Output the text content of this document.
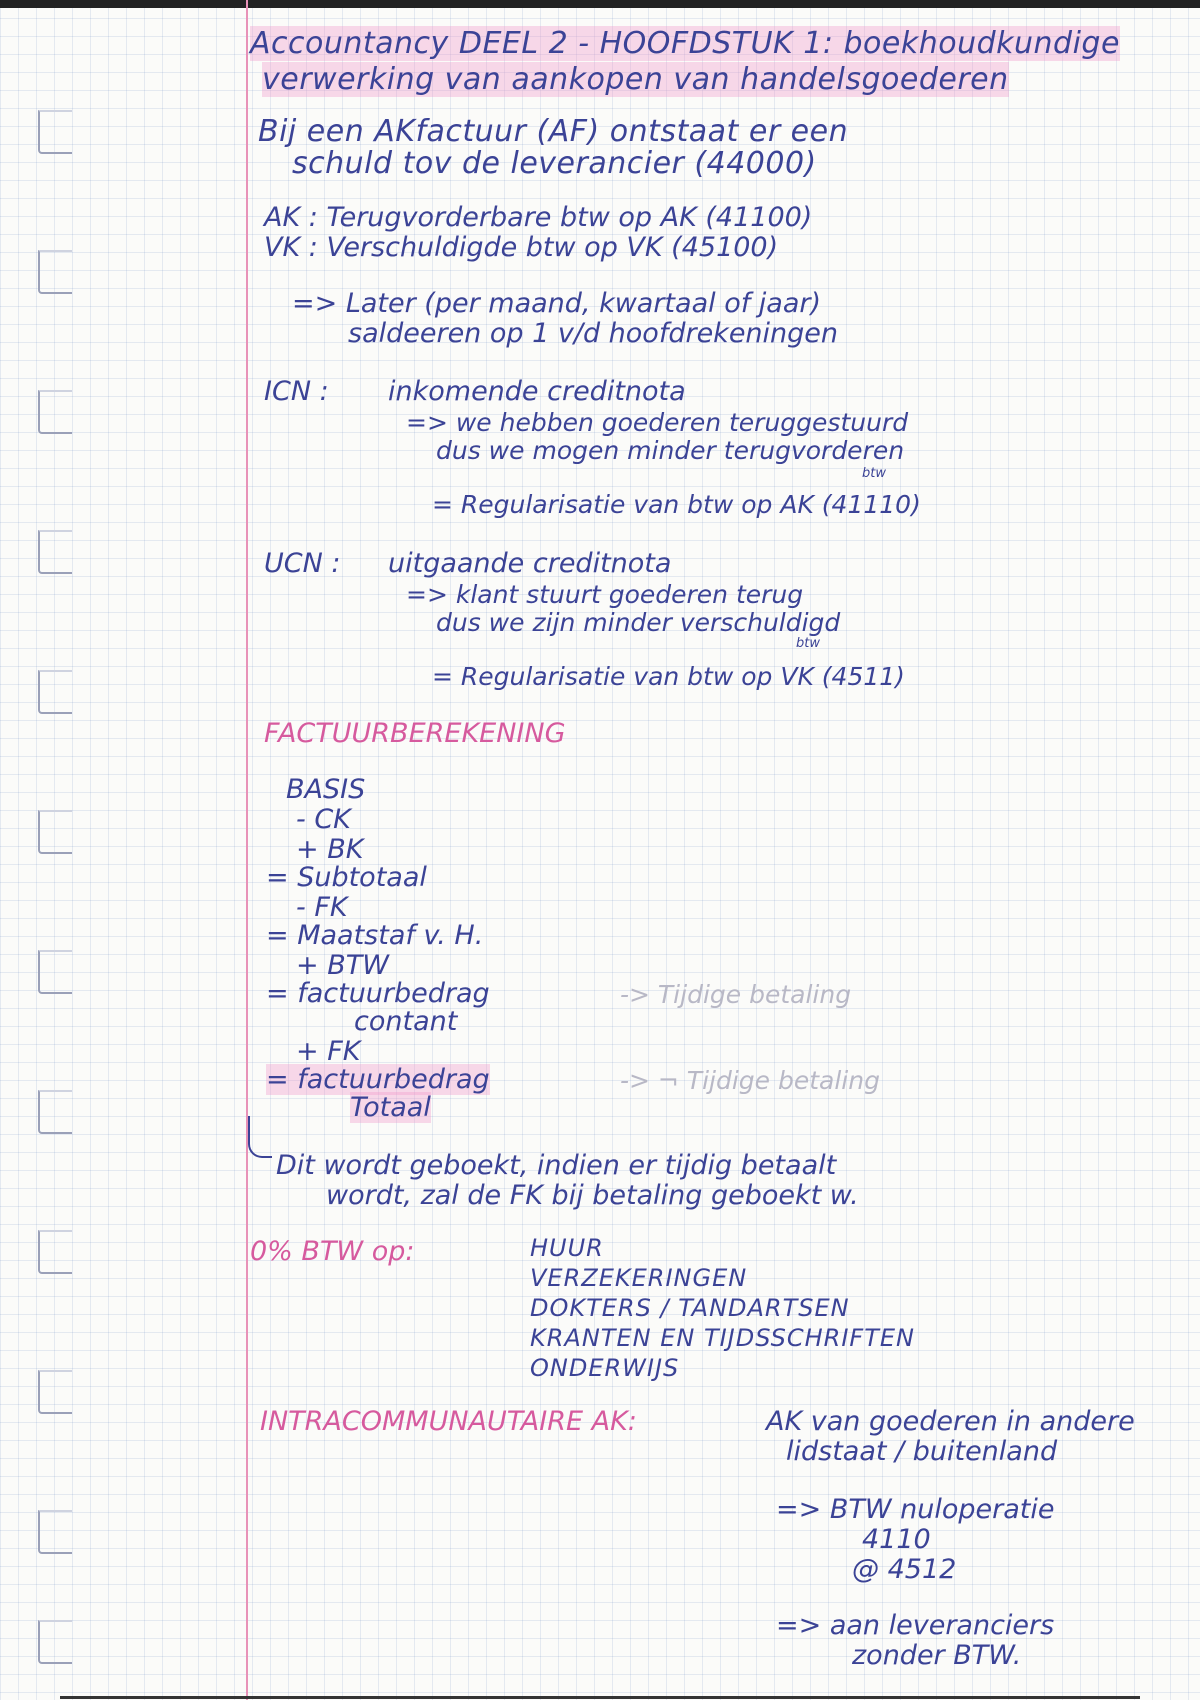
Accountancy DEEL 2 - HOOFDSTUK 1: boekhoudkundige
verwerking van aankopen van handelsgoederen
Bij een AKfactuur (AF) ontstaat er een
schuld tov de leverancier (44000)
AK : Terugvorderbare btw op AK (41100)
VK : Verschuldigde btw op VK (45100)
=> Later (per maand, kwartaal of jaar)
saldeeren op 1 v/d hoofdrekeningen
ICN : inkomende creditnota
=> we hebben goederen teruggestuurd
dus we mogen minder terugvorderen
btw
= Regularisatie van btw op AK (41110)
UCN : uitgaande creditnota
=> klant stuurt goederen terug
dus we zijn minder verschuldigd
btw
= Regularisatie van btw op VK (4511)
FACTUURBEREKENING
BASIS
- CK
+ BK
= Subtotaal
- FK
= Maatstaf v. H.
+ BTW
= factuurbedrag	-> Tijdige betaling
contant
+ FK
= factuurbedrag	-> ¬ Tijdige betaling
Totaal
Dit wordt geboekt, indien er tijdig betaalt
wordt, zal de FK bij betaling geboekt w.
0% BTW op:	HUUR
VERZEKERINGEN
DOKTERS / TANDARTSEN
KRANTEN EN TIJDSSCHRIFTEN
ONDERWIJS
INTRACOMMUNAUTAIRE AK:	AK van goederen in andere
lidstaat / buitenland
=> BTW nuloperatie
4110
@ 4512
=> aan leveranciers
zonder BTW.
